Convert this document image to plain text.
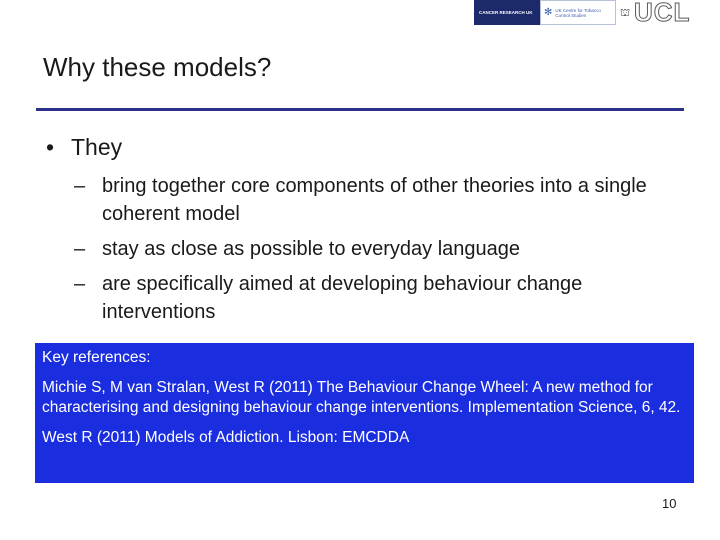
CANCER RESEARCH UK ✻ UK Centre for Tobacco Control Studies	⛫ UCL
Why these models?
• They
– bring together core components of other theories into a single coherent model
– stay as close as possible to everyday language
– are specifically aimed at developing behaviour change interventions
Key references:
Michie S, M van Stralan, West R (2011) The Behaviour Change Wheel: A new method for characterising and designing behaviour change interventions. Implementation Science, 6, 42.
West R (2011) Models of Addiction. Lisbon: EMCDDA
10
